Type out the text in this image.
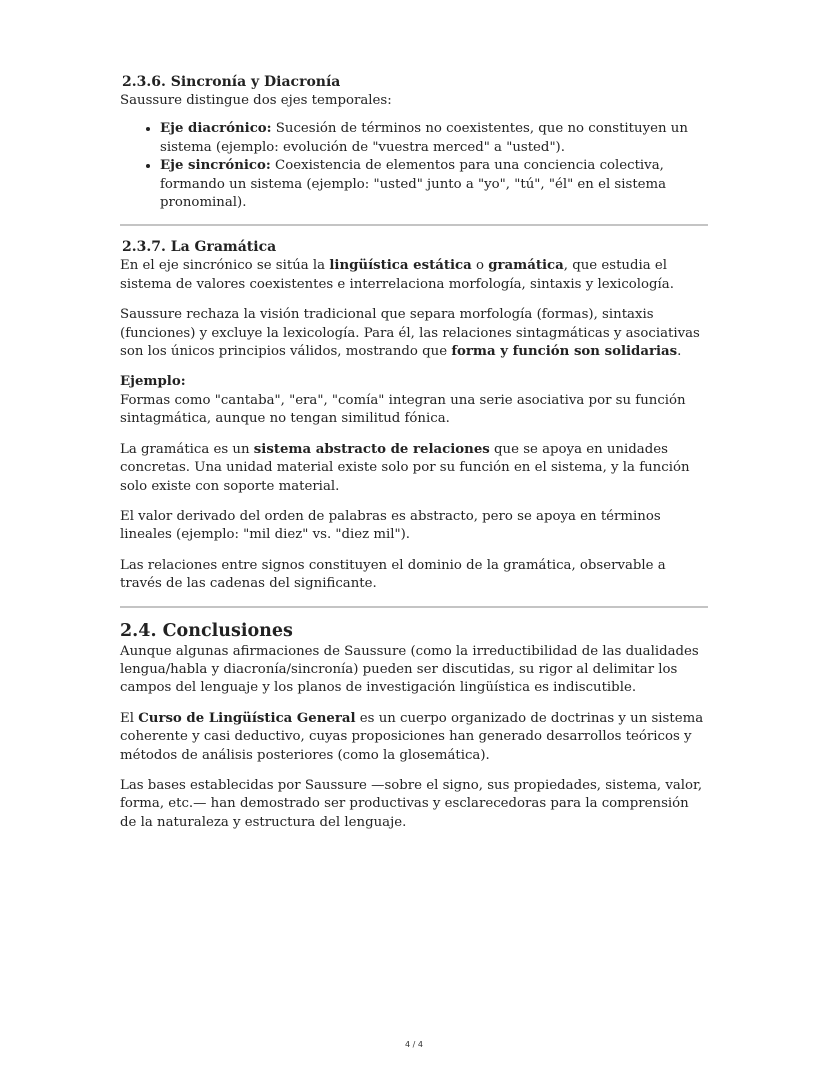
2.3.6. Sincronía y Diacronía

Saussure distingue dos ejes temporales:

• Eje diacrónico: Sucesión de términos no coexistentes, que no constituyen un sistema (ejemplo: evolución de "vuestra merced" a "usted").
• Eje sincrónico: Coexistencia de elementos para una conciencia colectiva, formando un sistema (ejemplo: "usted" junto a "yo", "tú", "él" en el sistema pronominal).
2.3.7. La Gramática

En el eje sincrónico se sitúa la lingüística estática o gramática, que estudia el sistema de valores coexistentes e interrelaciona morfología, sintaxis y lexicología.

Saussure rechaza la visión tradicional que separa morfología (formas), sintaxis (funciones) y excluye la lexicología. Para él, las relaciones sintagmáticas y asociativas son los únicos principios válidos, mostrando que forma y función son solidarias.

Ejemplo:

Formas como "cantaba", "era", "comía" integran una serie asociativa por su función sintagmática, aunque no tengan similitud fónica.

La gramática es un sistema abstracto de relaciones que se apoya en unidades concretas. Una unidad material existe solo por su función en el sistema, y la función solo existe con soporte material.

El valor derivado del orden de palabras es abstracto, pero se apoya en términos lineales (ejemplo: "mil diez" vs. "diez mil").

Las relaciones entre signos constituyen el dominio de la gramática, observable a través de las cadenas del significante.

2.4. Conclusiones

Aunque algunas afirmaciones de Saussure (como la irreductibilidad de las dualidades lengua/habla y diacronía/sincronía) pueden ser discutidas, su rigor al delimitar los campos del lenguaje y los planos de investigación lingüística es indiscutible.

El Curso de Lingüística General es un cuerpo organizado de doctrinas y un sistema coherente y casi deductivo, cuyas proposiciones han generado desarrollos teóricos y métodos de análisis posteriores (como la glosemática).

Las bases establecidas por Saussure —sobre el signo, sus propiedades, sistema, valor, forma, etc.— han demostrado ser productivas y esclarecedoras para la comprensión de la naturaleza y estructura del lenguaje.

4 / 4
